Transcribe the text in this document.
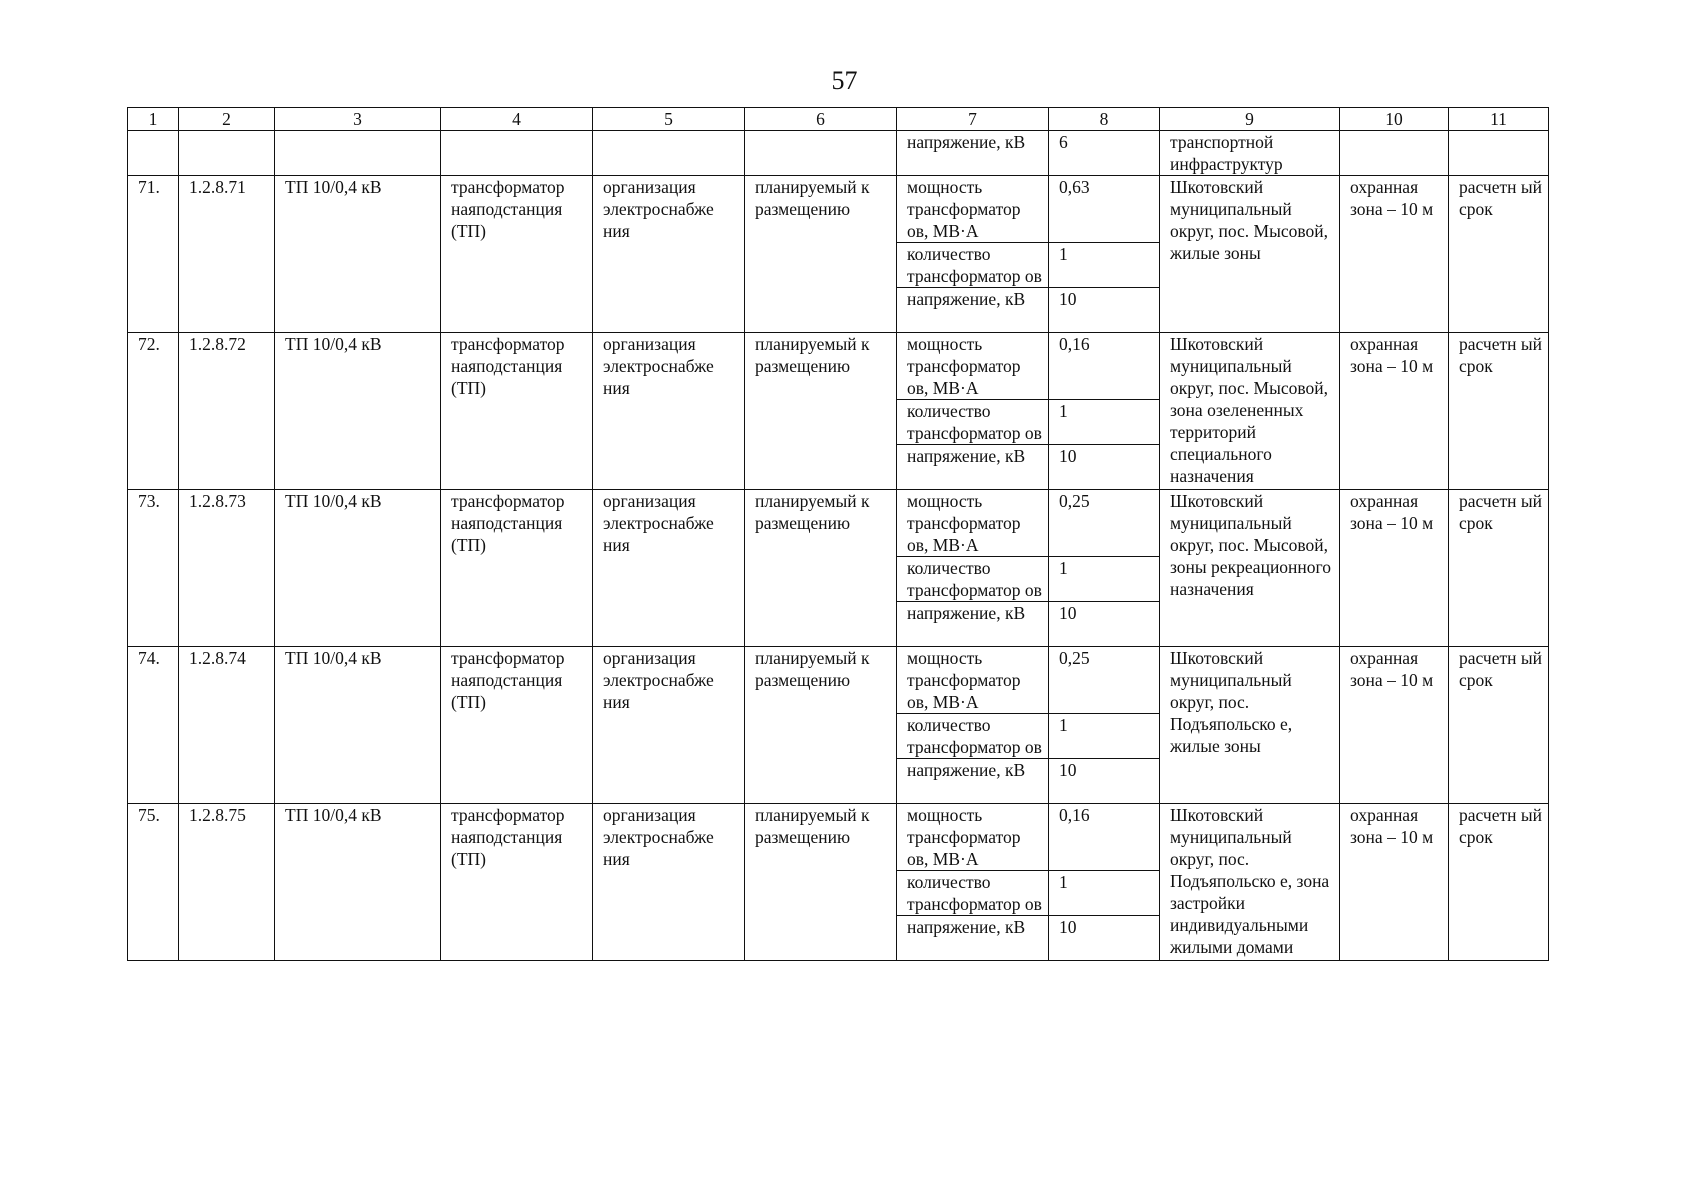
57
1	2	3	4	5	6	7	8	9	10	11
						напряжение, кВ	6	транспортной инфраструктур		
71.	1.2.8.71	ТП 10/0,4 кВ	трансформатор наяподстанция (ТП)	организация электроснабже ния	планируемый к размещению	мощность трансформатор ов, МВ·А	0,63	Шкотовский муниципальный округ, пос. Мысовой, жилые зоны	охранная зона – 10 м	расчетн ый срок
						количество трансформатор ов	1			
						напряжение, кВ	10			
72.	1.2.8.72	ТП 10/0,4 кВ	трансформатор наяподстанция (ТП)	организация электроснабже ния	планируемый к размещению	мощность трансформатор ов, МВ·А	0,16	Шкотовский муниципальный округ, пос. Мысовой, зона озелененных территорий специального назначения	охранная зона – 10 м	расчетн ый срок
						количество трансформатор ов	1			
						напряжение, кВ	10			
73.	1.2.8.73	ТП 10/0,4 кВ	трансформатор наяподстанция (ТП)	организация электроснабже ния	планируемый к размещению	мощность трансформатор ов, МВ·А	0,25	Шкотовский муниципальный округ, пос. Мысовой, зоны рекреационного назначения	охранная зона – 10 м	расчетн ый срок
						количество трансформатор ов	1			
						напряжение, кВ	10			
74.	1.2.8.74	ТП 10/0,4 кВ	трансформатор наяподстанция (ТП)	организация электроснабже ния	планируемый к размещению	мощность трансформатор ов, МВ·А	0,25	Шкотовский муниципальный округ, пос. Подъяпольско е, жилые зоны	охранная зона – 10 м	расчетн ый срок
						количество трансформатор ов	1			
						напряжение, кВ	10			
75.	1.2.8.75	ТП 10/0,4 кВ	трансформатор наяподстанция (ТП)	организация электроснабже ния	планируемый к размещению	мощность трансформатор ов, МВ·А	0,16	Шкотовский муниципальный округ, пос. Подъяпольско е, зона застройки индивидуальными жилыми домами	охранная зона – 10 м	расчетн ый срок
						количество трансформатор ов	1			
						напряжение, кВ	10			
